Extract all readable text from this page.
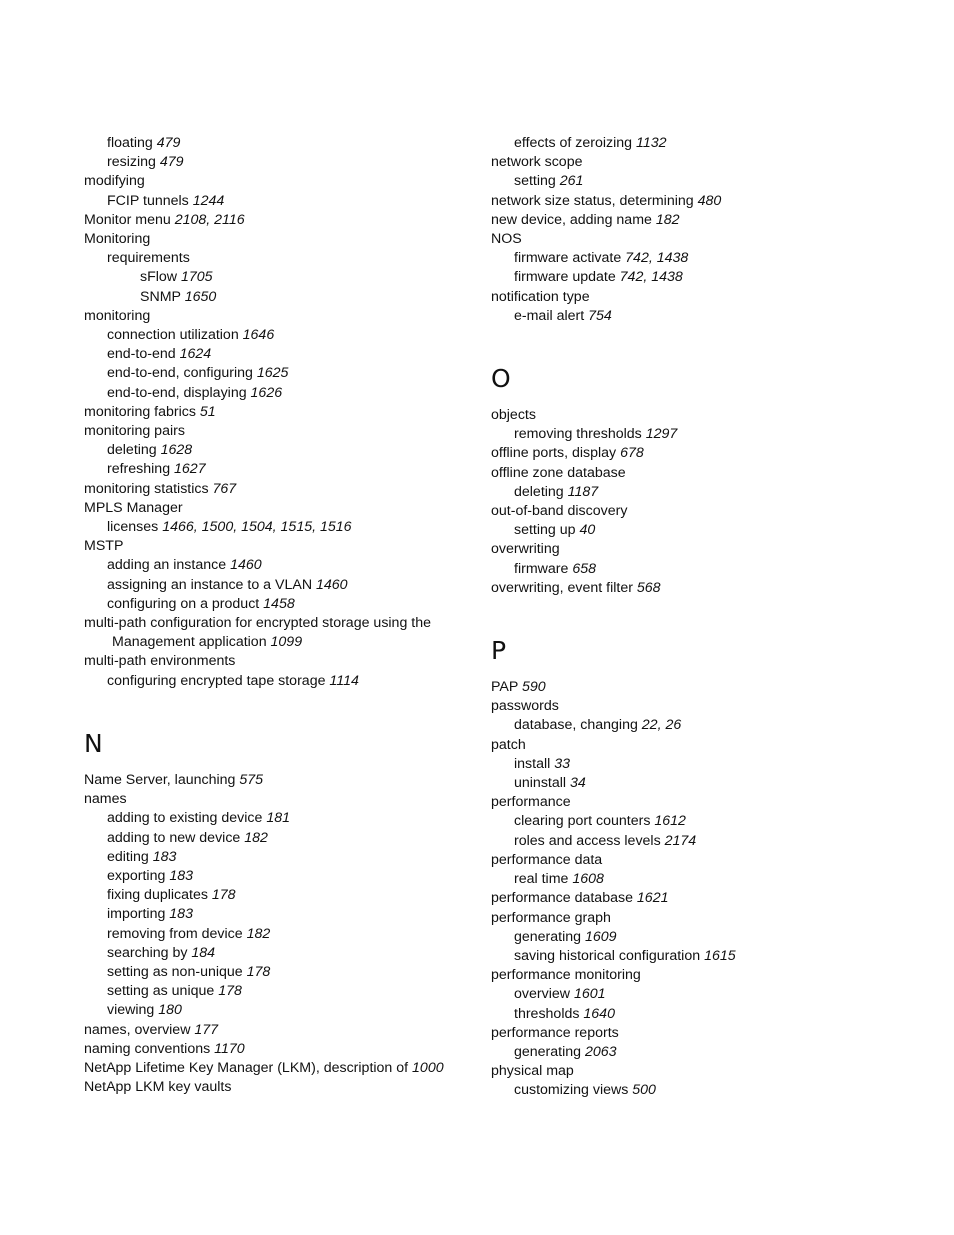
floating 479
resizing 479
modifying
FCIP tunnels 1244
Monitor menu 2108, 2116
Monitoring
requirements
sFlow 1705
SNMP 1650
monitoring
connection utilization 1646
end-to-end 1624
end-to-end, configuring 1625
end-to-end, displaying 1626
monitoring fabrics 51
monitoring pairs
deleting 1628
refreshing 1627
monitoring statistics 767
MPLS Manager
licenses 1466, 1500, 1504, 1515, 1516
MSTP
adding an instance 1460
assigning an instance to a VLAN 1460
configuring on a product 1458
multi-path configuration for encrypted storage using the
Management application 1099
multi-path environments
configuring encrypted tape storage 1114
N
Name Server, launching 575
names
adding to existing device 181
adding to new device 182
editing 183
exporting 183
fixing duplicates 178
importing 183
removing from device 182
searching by 184
setting as non-unique 178
setting as unique 178
viewing 180
names, overview 177
naming conventions 1170
NetApp Lifetime Key Manager (LKM), description of 1000
NetApp LKM key vaults
effects of zeroizing 1132
network scope
setting 261
network size status, determining 480
new device, adding name 182
NOS
firmware activate 742, 1438
firmware update 742, 1438
notification type
e-mail alert 754
O
objects
removing thresholds 1297
offline ports, display 678
offline zone database
deleting 1187
out-of-band discovery
setting up 40
overwriting
firmware 658
overwriting, event filter 568
P
PAP 590
passwords
database, changing 22, 26
patch
install 33
uninstall 34
performance
clearing port counters 1612
roles and access levels 2174
performance data
real time 1608
performance database 1621
performance graph
generating 1609
saving historical configuration 1615
performance monitoring
overview 1601
thresholds 1640
performance reports
generating 2063
physical map
customizing views 500
